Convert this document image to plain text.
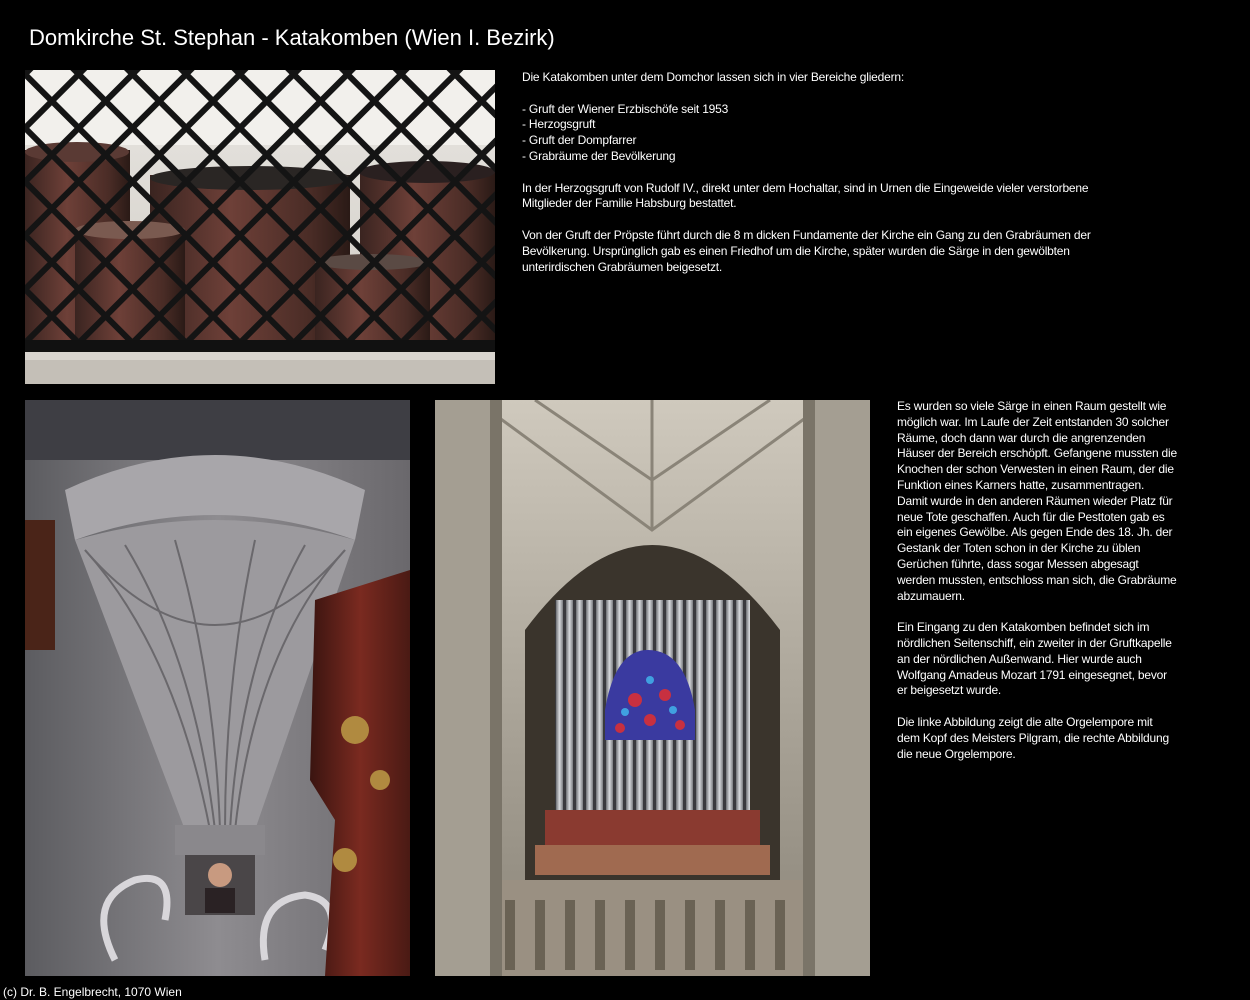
Domkirche St. Stephan - Katakomben (Wien I. Bezirk)

Die Katakomben unter dem Domchor lassen sich in vier Bereiche gliedern:

- Gruft der Wiener Erzbischöfe seit 1953
- Herzogsgruft
- Gruft der Dompfarrer
- Grabräume der Bevölkerung

In der Herzogsgruft von Rudolf IV., direkt unter dem Hochaltar, sind in Urnen die Eingeweide vieler verstorbene Mitglieder der Familie Habsburg bestattet.

Von der Gruft der Pröpste führt durch die 8 m dicken Fundamente der Kirche ein Gang zu den Grabräumen der Bevölkerung. Ursprünglich gab es einen Friedhof um die Kirche, später wurden die Särge in den gewölbten unterirdischen Grabräumen beigesetzt.

Es wurden so viele Särge in einen Raum gestellt wie möglich war. Im Laufe der Zeit entstanden 30 solcher Räume, doch dann war durch die angrenzenden Häuser der Bereich erschöpft. Gefangene mussten die Knochen der schon Verwesten in einen Raum, der die Funktion eines Karners hatte, zusammentragen. Damit wurde in den anderen Räumen wieder Platz für neue Tote geschaffen. Auch für die Pesttoten gab es ein eigenes Gewölbe. Als gegen Ende des 18. Jh. der Gestank der Toten schon in der Kirche zu üblen Gerüchen führte, dass sogar Messen abgesagt werden mussten, entschloss man sich, die Grabräume abzumauern.

Ein Eingang zu den Katakomben befindet sich im nördlichen Seitenschiff, ein zweiter in der Gruftkapelle an der nördlichen Außenwand. Hier wurde auch Wolfgang Amadeus Mozart 1791 eingesegnet, bevor er beigesetzt wurde.

Die linke Abbildung zeigt die alte Orgelempore mit dem Kopf des Meisters Pilgram, die rechte Abbildung die neue Orgelempore.

(c) Dr. B. Engelbrecht, 1070 Wien
